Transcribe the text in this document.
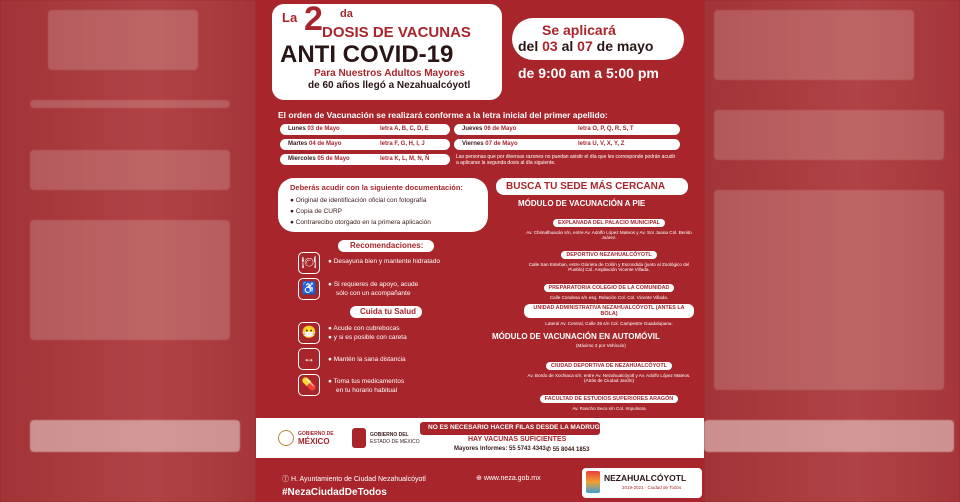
La 2 da
DOSIS DE VACUNAS
ANTI COVID-19
Para Nuestros Adultos Mayores
de 60 años llegó a Nezahualcóyotl
Se aplicará
del 03 al 07 de mayo
de 9:00 am a 5:00 pm
El orden de Vacunación se realizará conforme a la letra inicial del primer apellido:
Lunes 03 de Mayo	letra A, B, C, D, E
Martes 04 de Mayo	letra F, G, H, I, J
Miercoles 05 de Mayo	letra K, L, M, N, Ñ
Jueves 06 de Mayo	letra O, P, Q, R, S, T
Viernes 07 de Mayo	letra U, V, X, Y, Z
Las personas que por diversas razones no puedan asistir el día que les corresponde podrán acudir a aplicarse la segunda dosis al día siguiente.
Deberás acudir con la siguiente documentación:
● Original de identificación oficial con fotografía
● Copia de CURP
● Contrarecibo otorgado en la primera aplicación
Recomendaciones:
🍽	● Desayuna bien y mantente hidratado
♿	● Si requieres de apoyo, acude
sólo con un acompañante
Cuida tu Salud
😷	● Acude con cubrebocas
● y si es posible con careta
↔	● Mantén la sana distancia
💊	● Toma tus medicamentos
en tu horario habitual
BUSCA TU SEDE MÁS CERCANA
MÓDULO DE VACUNACIÓN A PIE
EXPLANADA DEL PALACIO MUNICIPAL
Av. Chimalhuacán s/n, entre Av. Adolfo López Mateos y Av. Sor Juana Col. Benito Juárez.
DEPORTIVO NEZAHUALCÓYOTL
Calle San Esteban, entre Glorieta de Colón y Escondida (junto al Zoológico del Pueblo) Col. Ampliación Vicente Villada.
PREPARATORIA COLEGIO DE LA COMUNIDAD
Calle Condesa s/n esq. Relación Col. Col. Vicente Villada.
UNIDAD ADMINISTRATIVA NEZAHUALCÓYOTL (ANTES LA BOLA)
Lateral Av. Central, Calle 35 s/n Col. Campestre Guadalupana.
MÓDULO DE VACUNACIÓN EN AUTOMÓVIL
(Máximo 3 por Vehículo)
CIUDAD DEPORTIVA DE NEZAHUALCÓYOTL
Av. Bordo de Xochiaca s/n, entre Av. Nezahualcóyotl y Av. Adolfo López Mateos. (Atrás de Ciudad Jardín)
FACULTAD DE ESTUDIOS SUPERIORES ARAGÓN
Av. Rancho Seco s/n Col. Impulsora
GOBIERNO DE
MÉXICO
GOBIERNO DEL
ESTADO DE MÉXICO
NO ES NECESARIO HACER FILAS DESDE LA MADRUGADA
HAY VACUNAS SUFICIENTES
Mayores Informes: 55 5743 4343 ✆ 55 8044 1853
ⓕ H. Ayuntamiento de Ciudad Nezahualcóyotl	⊕ www.neza.gob.mx
#NezaCiudadDeTodos
NEZAHUALCÓYOTL
2019-2021 · Ciudad de Todos
